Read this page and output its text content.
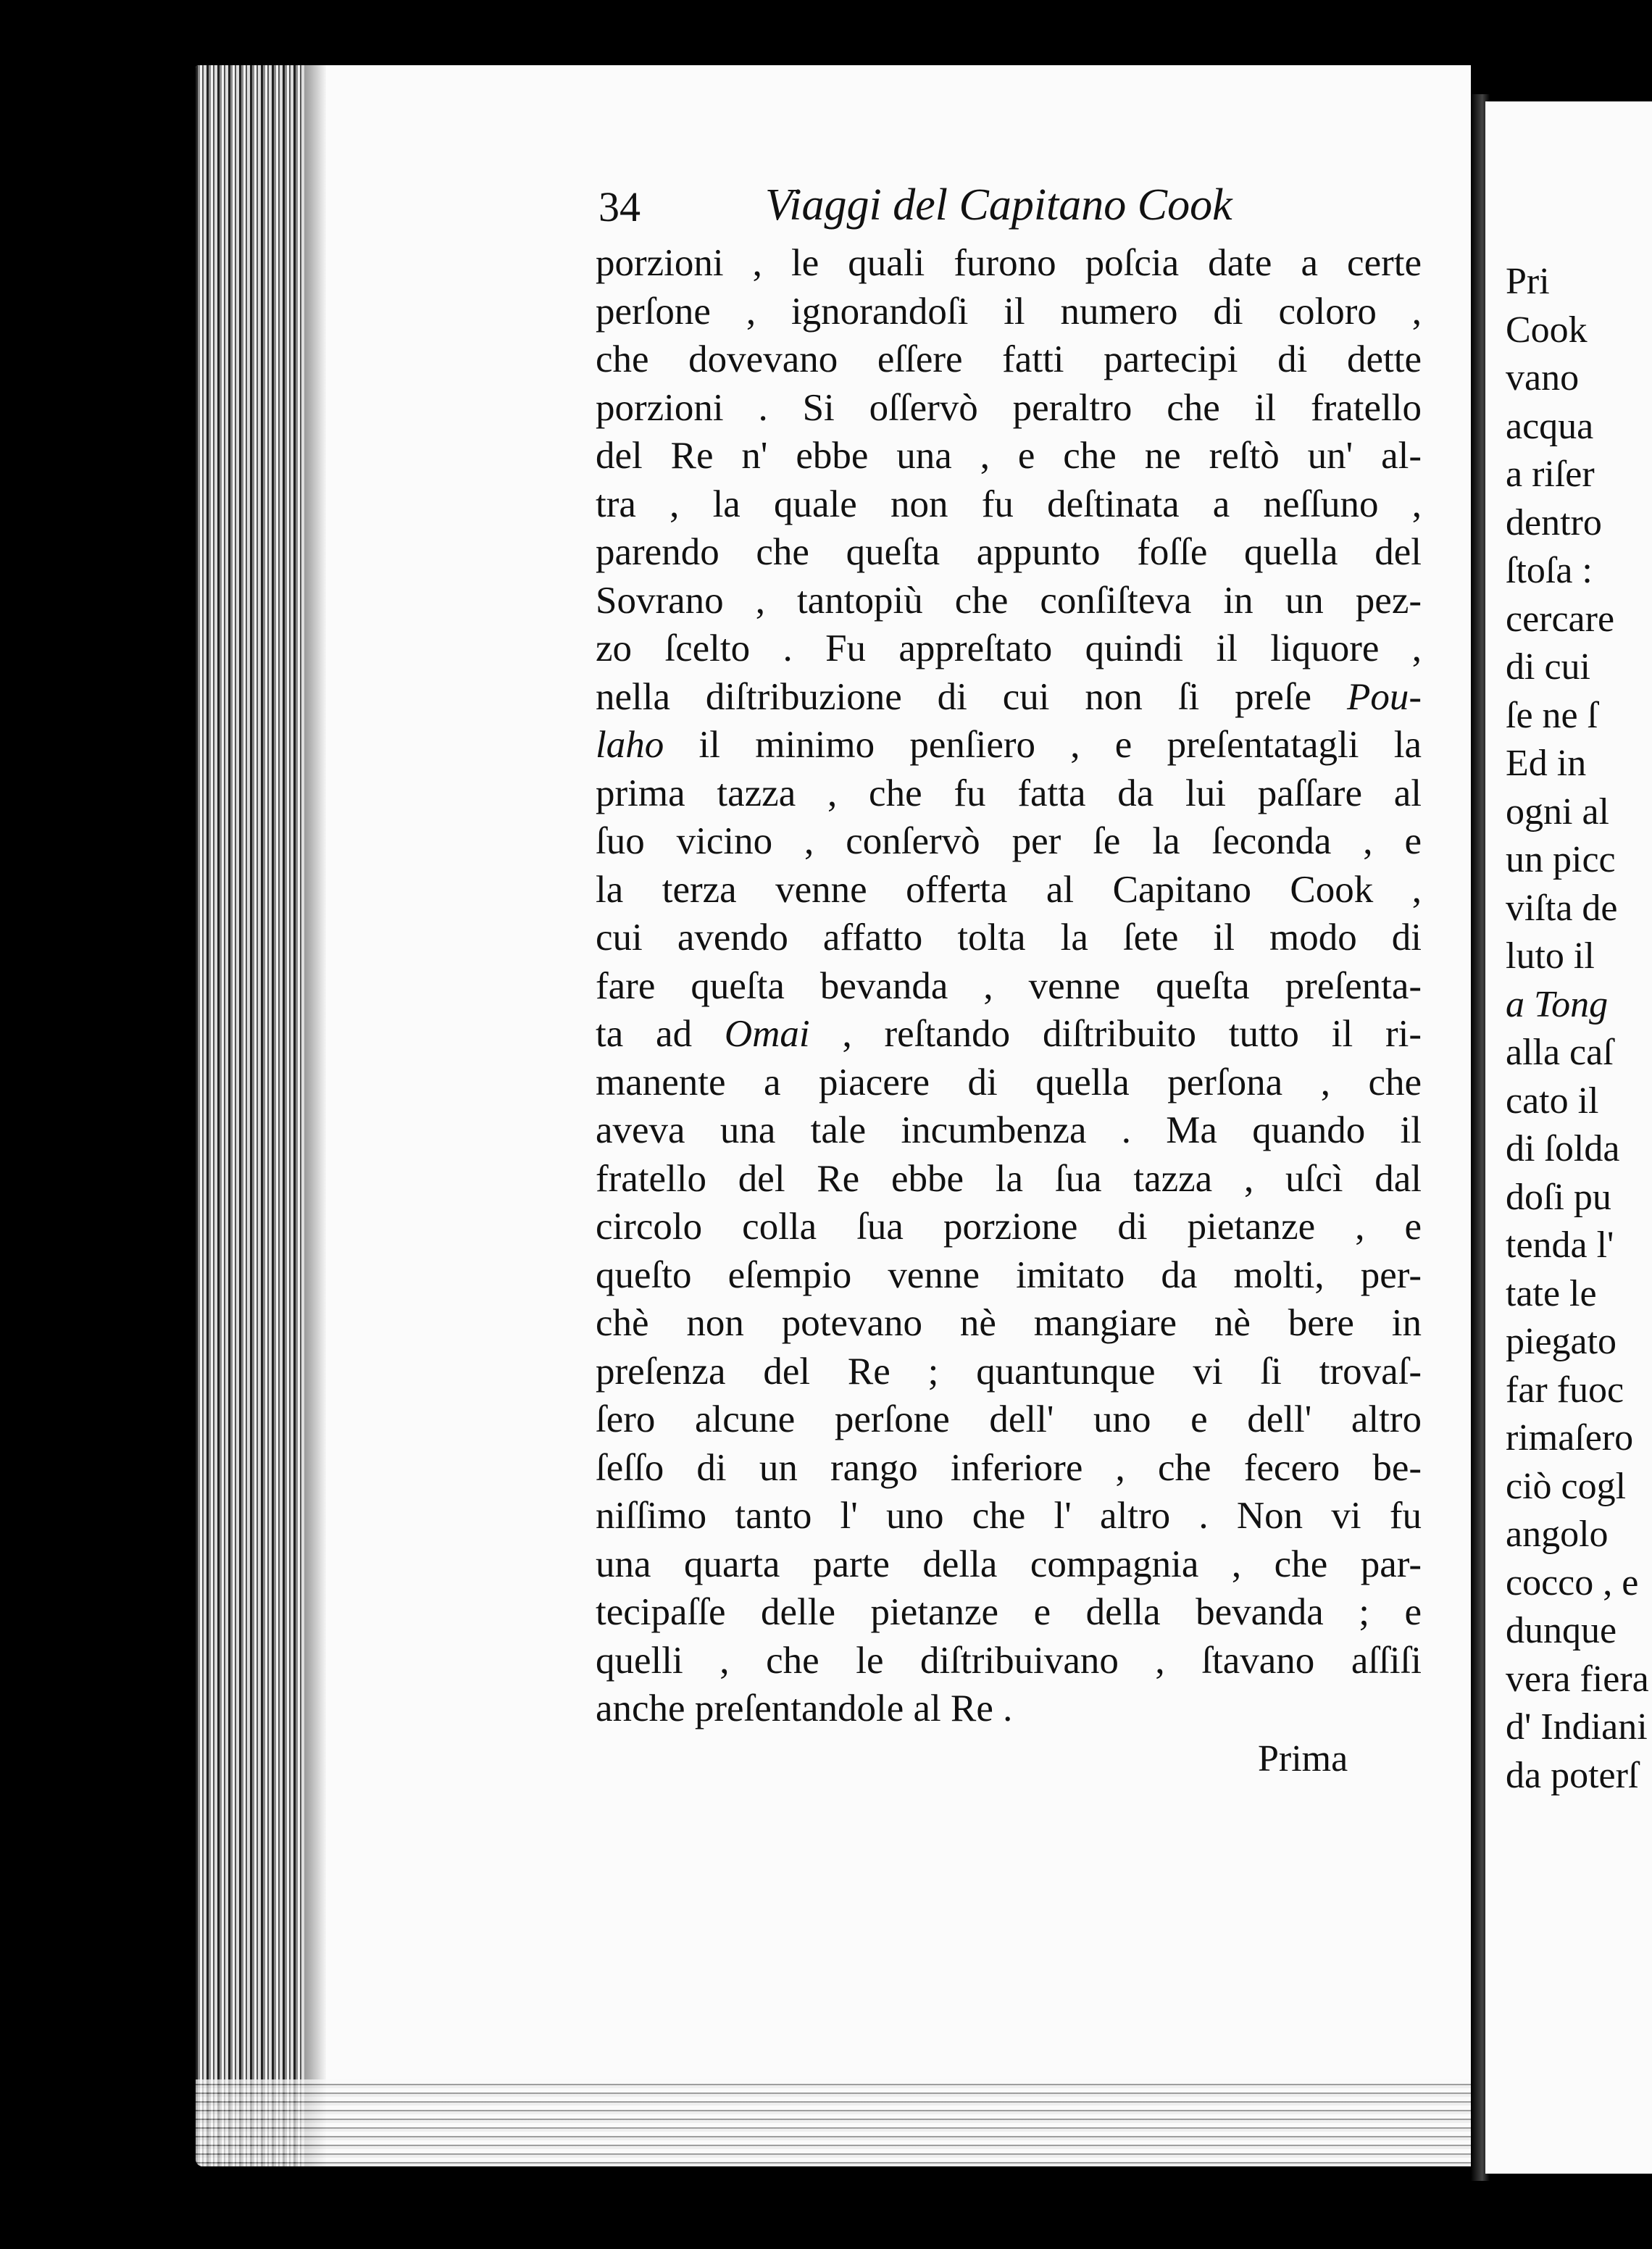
34	Viaggi del Capitano Cook
porzioni , le quali furono poſcia date a certe
perſone , ignorandoſi il numero di coloro ,
che dovevano eſſere fatti partecipi di dette
porzioni . Si oſſervò peraltro che il fratello
del Re n' ebbe una , e che ne reſtò un' al-
tra , la quale non fu deſtinata a neſſuno ,
parendo che queſta appunto foſſe quella del
Sovrano , tantopiù che conſiſteva in un pez-
zo ſcelto . Fu appreſtato quindi il liquore ,
nella diſtribuzione di cui non ſi preſe Pou-
laho il minimo penſiero , e preſentatagli la
prima tazza , che fu fatta da lui paſſare al
ſuo vicino , conſervò per ſe la ſeconda , e
la terza venne offerta al Capitano Cook ,
cui avendo affatto tolta la ſete il modo di
fare queſta bevanda , venne queſta preſenta-
ta ad Omai , reſtando diſtribuito tutto il ri-
manente a piacere di quella perſona , che
aveva una tale incumbenza . Ma quando il
fratello del Re ebbe la ſua tazza , uſcì dal
circolo colla ſua porzione di pietanze , e
queſto eſempio venne imitato da molti, per-
chè non potevano nè mangiare nè bere in
preſenza del Re ; quantunque vi ſi trovaſ-
ſero alcune perſone dell' uno e dell' altro
ſeſſo di un rango inferiore , che fecero be-
niſſimo tanto l' uno che l' altro . Non vi fu
una quarta parte della compagnia , che par-
tecipaſſe delle pietanze e della bevanda ; e
quelli , che le diſtribuivano , ſtavano aſſiſi
anche preſentandole al Re .
Prima
Pri
Cook
vano
acqua
a riſer
dentro
ſtoſa :
cercare
di cui
ſe ne ſ
Ed in
ogni al
un picc
viſta de
luto il
a Tong
alla caſ
cato il
di ſolda
doſi pu
tenda l'
tate le
piegato
far fuoc
rimaſero
ciò cogl
angolo
cocco , e
dunque
vera fiera
d' Indiani
da poterſ
